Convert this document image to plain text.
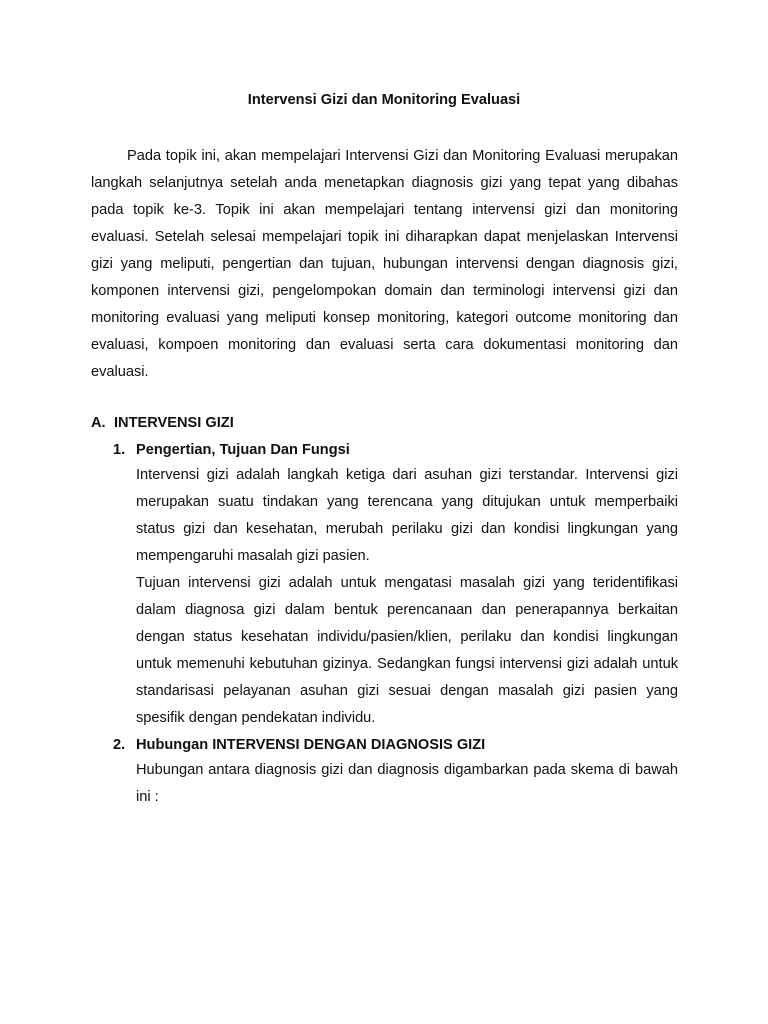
Intervensi Gizi dan Monitoring Evaluasi

Pada topik ini, akan mempelajari Intervensi Gizi dan Monitoring Evaluasi merupakan langkah selanjutnya setelah anda menetapkan diagnosis gizi yang tepat yang dibahas pada topik ke-3. Topik ini akan mempelajari tentang intervensi gizi dan monitoring evaluasi. Setelah selesai mempelajari topik ini diharapkan dapat menjelaskan Intervensi gizi yang meliputi, pengertian dan tujuan, hubungan intervensi dengan diagnosis gizi, komponen intervensi gizi, pengelompokan domain dan terminologi intervensi gizi dan monitoring evaluasi yang meliputi konsep monitoring, kategori outcome monitoring dan evaluasi, kompoen monitoring dan evaluasi serta cara dokumentasi monitoring dan evaluasi.

A. INTERVENSI GIZI
1. Pengertian, Tujuan Dan Fungsi

Intervensi gizi adalah langkah ketiga dari asuhan gizi terstandar. Intervensi gizi merupakan suatu tindakan yang terencana yang ditujukan untuk memperbaiki status gizi dan kesehatan, merubah perilaku gizi dan kondisi lingkungan yang mempengaruhi masalah gizi pasien.

Tujuan intervensi gizi adalah untuk mengatasi masalah gizi yang teridentifikasi dalam diagnosa gizi dalam bentuk perencanaan dan penerapannya berkaitan dengan status kesehatan individu/pasien/klien, perilaku dan kondisi lingkungan untuk memenuhi kebutuhan gizinya. Sedangkan fungsi intervensi gizi adalah untuk standarisasi pelayanan asuhan gizi sesuai dengan masalah gizi pasien yang spesifik dengan pendekatan individu.

2. Hubungan INTERVENSI DENGAN DIAGNOSIS GIZI

Hubungan antara diagnosis gizi dan diagnosis digambarkan pada skema di bawah ini :
